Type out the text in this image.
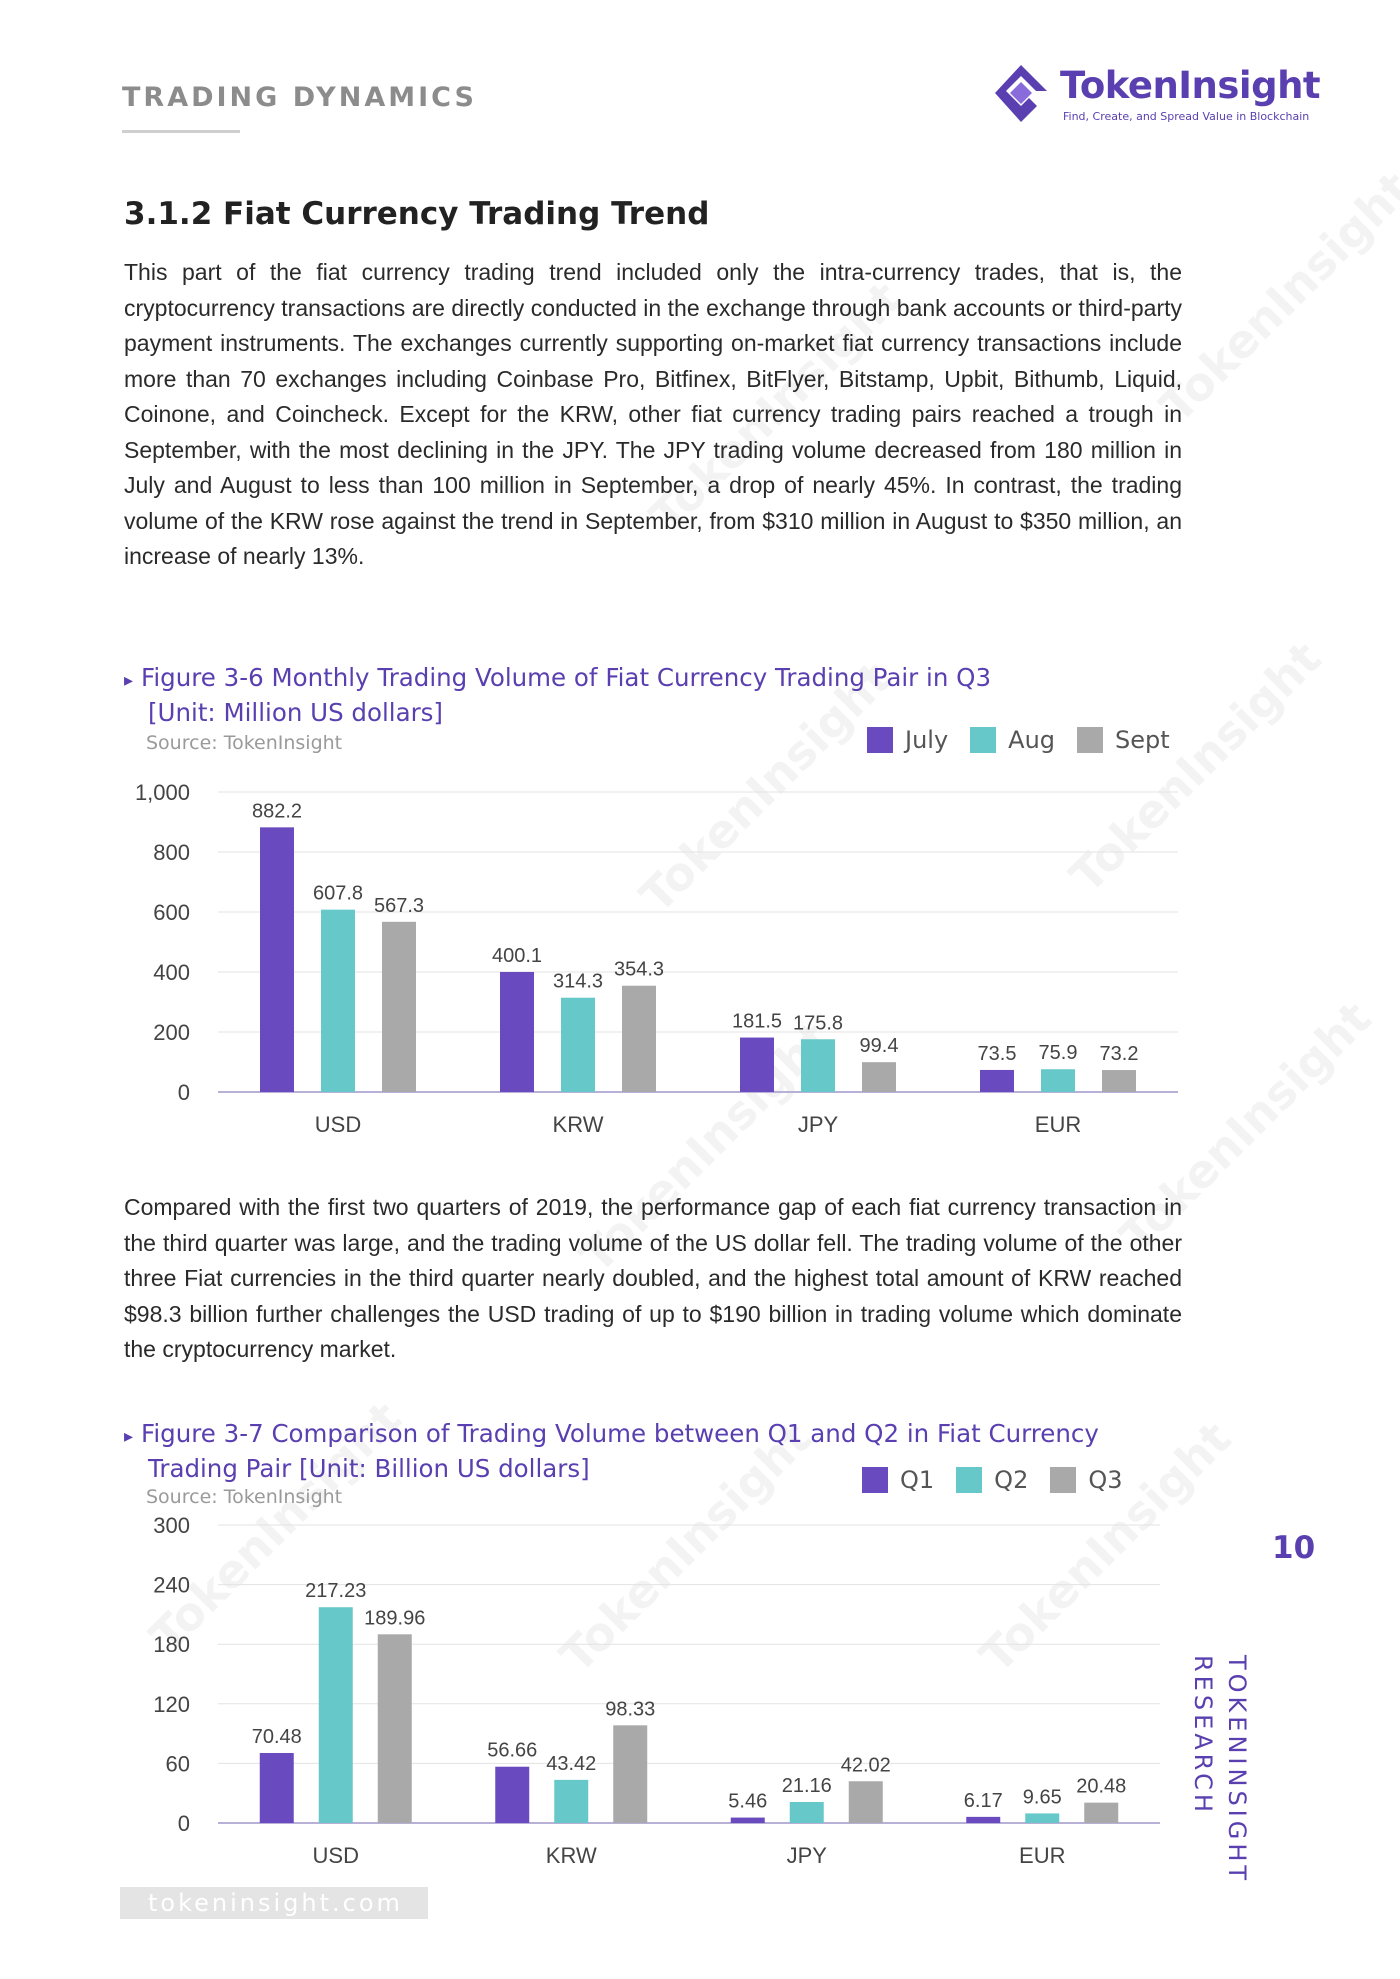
TRADING DYNAMICS	TokenInsight
Find, Create, and Spread Value in Blockchain
3.1.2 Fiat Currency Trading Trend
This part of the fiat currency trading trend included only the intra-currency trades, that is, the cryptocurrency transactions are directly conducted in the exchange through bank accounts or third-party payment instruments. The exchanges currently supporting on-market fiat currency transactions include more than 70 exchanges including Coinbase Pro, Bitfinex, BitFlyer, Bitstamp, Upbit, Bithumb, Liquid, Coinone, and Coincheck. Except for the KRW, other fiat currency trading pairs reached a trough in September, with the most declining in the JPY. The JPY trading volume decreased from 180 million in July and August to less than 100 million in September, a drop of nearly 45%. In contrast, the trading volume of the KRW rose against the trend in September, from $310 million in August to $350 million, an increase of nearly 13%.
▸ Figure 3-6 Monthly Trading Volume of Fiat Currency Trading Pair in Q3
[Unit: Million US dollars]
Source: TokenInsight	July	Aug	Sept
0
200
400
600
800
1,000
882.2
607.8
567.3
USD
400.1
314.3
354.3
KRW
181.5 175.8
99.4
JPY
73.5 75.9 73.2
EUR
Compared with the first two quarters of 2019, the performance gap of each fiat currency transaction in the third quarter was large, and the trading volume of the US dollar fell. The trading volume of the other three Fiat currencies in the third quarter nearly doubled, and the highest total amount of KRW reached $98.3 billion further challenges the USD trading of up to $190 billion in trading volume which dominate the cryptocurrency market.
▸ Figure 3-7 Comparison of Trading Volume between Q1 and Q2 in Fiat Currency
Trading Pair [Unit: Billion US dollars]
Source: TokenInsight
Q1	Q2	Q3
0
60
120
180
240
300
70.48
217.23
189.96
USD
56.66
43.42
98.33
KRW
5.46
21.16
42.02
JPY
6.17 9.65 20.48
EUR
10
TOKENINSIGHT
RESEARCH
tokeninsight.com
